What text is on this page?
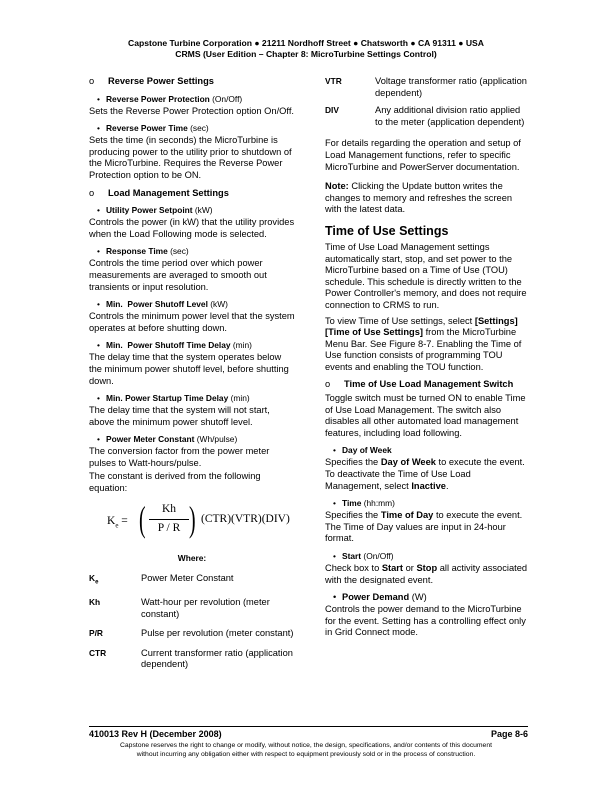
Capstone Turbine Corporation ● 21211 Nordhoff Street ● Chatsworth ● CA 91311 ● USA
CRMS (User Edition – Chapter 8: MicroTurbine Settings Control)
o Reverse Power Settings
• Reverse Power Protection (On/Off)

Sets the Reverse Power Protection option On/Off.

• Reverse Power Time (sec)

Sets the time (in seconds) the MicroTurbine is producing power to the utility prior to shutdown of the MicroTurbine. Requires the Reverse Power Protection option to be ON.

o Load Management Settings
• Utility Power Setpoint (kW)

Controls the power (in kW) that the utility provides when the Load Following mode is selected.

• Response Time (sec)

Controls the time period over which power measurements are averaged to smooth out transients or input resolution.

• Min.  Power Shutoff Level (kW)

Controls the minimum power level that the system operates at before shutting down.

• Min.  Power Shutoff Time Delay (min)

The delay time that the system operates below the minimum power shutoff level, before shutting down.

• Min. Power Startup Time Delay (min)

The delay time that the system will not start, above the minimum power shutoff level.

• Power Meter Constant (Wh/pulse)

The conversion factor from the power meter pulses to Watt-hours/pulse.

The constant is derived from the following equation:

$K_e$ = (	Kh
P / R ) (CTR)(VTR)(DIV)
Where:
$K_e$	Power Meter Constant
Kh	Watt-hour per revolution (meter constant)
P/R	Pulse per revolution (meter constant)
CTR	Current transformer ratio (application dependent)
VTR	Voltage transformer ratio (application dependent)
DIV	Any additional division ratio applied to the meter (application dependent)

For details regarding the operation and setup of Load Management functions, refer to specific MicroTurbine and PowerServer documentation.

Note: Clicking the Update button writes the changes to memory and refreshes the screen with the latest data.

Time of Use Settings

Time of Use Load Management settings automatically start, stop, and set power to the MicroTurbine based on a Time of Use (TOU) schedule. This schedule is directly written to the Power Controller's memory, and does not require connection to CRMS to run.

To view Time of Use settings, select [Settings][Time of Use Settings] from the MicroTurbine Menu Bar. See Figure 8-7. Enabling the Time of Use function consists of programming TOU events and enabling the TOU function.

o Time of Use Load Management Switch

Toggle switch must be turned ON to enable Time of Use Load Management. The switch also disables all other automated load management features, including load following.

• Day of Week

Specifies the Day of Week to execute the event. To deactivate the Time of Use Load Management, select Inactive.

• Time (hh:mm)

Specifies the Time of Day to execute the event. The Time of Day values are input in 24-hour format.

• Start (On/Off)

Check box to Start or Stop all activity associated with the designated event.

• Power Demand (W)

Controls the power demand to the MicroTurbine for the event. Setting has a controlling effect only in Grid Connect mode.

410013 Rev H (December 2008)	Page 8-6
Capstone reserves the right to change or modify, without notice, the design, specifications, and/or contents of this document
without incurring any obligation either with respect to equipment previously sold or in the process of construction.
